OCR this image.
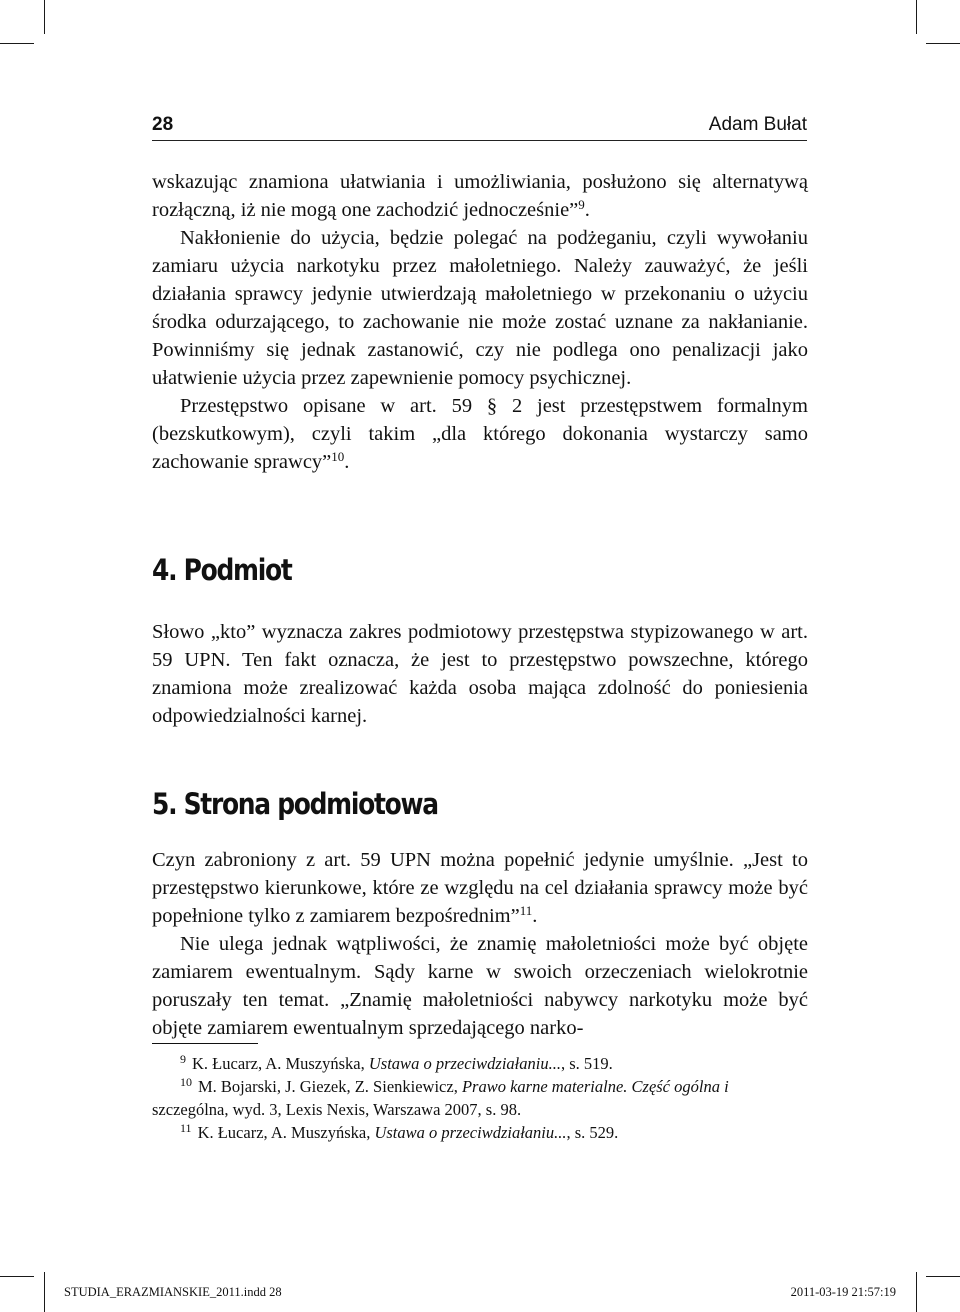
28	Adam Bułat

wskazując znamiona ułatwiania i umożliwiania, posłużono się alternatywą rozłączną, iż nie mogą one zachodzić jednocześnie”$^9$.

Nakłonienie do użycia, będzie polegać na podżeganiu, czyli wywołaniu zamiaru użycia narkotyku przez małoletniego. Należy zauważyć, że jeśli działania sprawcy jedynie utwierdzają małoletniego w przekonaniu o użyciu środka odurzającego, to zachowanie nie może zostać uznane za nakłanianie. Powinniśmy się jednak zastanowić, czy nie podlega ono penalizacji jako ułatwienie użycia przez zapewnienie pomocy psychicznej.

Przestępstwo opisane w art. 59 § 2 jest przestępstwem formalnym (bezskutkowym), czyli takim „dla którego dokonania wystarczy samo zachowanie sprawcy”$^{10}$.

4. Podmiot

Słowo „kto” wyznacza zakres podmiotowy przestępstwa stypizowanego w art. 59 UPN. Ten fakt oznacza, że jest to przestępstwo powszechne, którego znamiona może zrealizować każda osoba mająca zdolność do poniesienia odpowiedzialności karnej.

5. Strona podmiotowa

Czyn zabroniony z art. 59 UPN można popełnić jedynie umyślnie. „Jest to przestępstwo kierunkowe, które ze względu na cel działania sprawcy może być popełnione tylko z zamiarem bezpośrednim”$^{11}$.

Nie ulega jednak wątpliwości, że znamię małoletniości może być objęte zamiarem ewentualnym. Sądy karne w swoich orzeczeniach wielokrotnie poruszały ten temat. „Znamię małoletniości nabywcy narkotyku może być objęte zamiarem ewentualnym sprzedającego narko-

$^9$ K. Łucarz, A. Muszyńska, Ustawa o przeciwdziałaniu..., s. 519.

$^{10}$ M. Bojarski, J. Giezek, Z. Sienkiewicz, Prawo karne materialne. Część ogólna i szczególna, wyd. 3, Lexis Nexis, Warszawa 2007, s. 98.

$^{11}$ K. Łucarz, A. Muszyńska, Ustawa o przeciwdziałaniu..., s. 529.

STUDIA_ERAZMIANSKIE_2011.indd 28	2011-03-19 21:57:19
